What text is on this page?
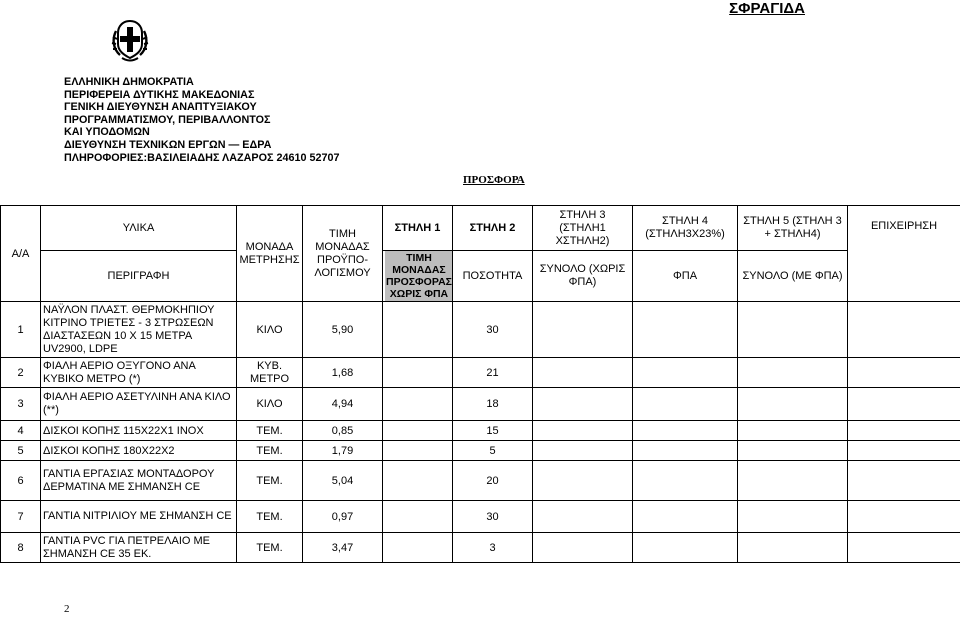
ΣΦΡΑΓΙΔΑ
ΕΛΛΗΝΙΚΗ ΔΗΜΟΚΡΑΤΙΑ
ΠΕΡΙΦΕΡΕΙΑ ΔΥΤΙΚΗΣ ΜΑΚΕΔΟΝΙΑΣ
ΓΕΝΙΚΗ ΔΙΕΥΘΥΝΣΗ ΑΝΑΠΤΥΞΙΑΚΟΥ
ΠΡΟΓΡΑΜΜΑΤΙΣΜΟΥ, ΠΕΡΙΒΑΛΛΟΝΤΟΣ
ΚΑΙ ΥΠΟΔΟΜΩΝ
ΔΙΕΥΘΥΝΣΗ ΤΕΧΝΙΚΩΝ ΕΡΓΩΝ — ΕΔΡΑ
ΠΛΗΡΟΦΟΡΙΕΣ:ΒΑΣΙΛΕΙΑΔΗΣ ΛΑΖΑΡΟΣ 24610 52707
ΠΡΟΣΦΟΡΑ
Α/Α	ΥΛΙΚΑ	ΜΟΝΑΔΑ ΜΕΤΡΗΣΗΣ	ΤΙΜΗ ΜΟΝΑΔΑΣ ΠΡΟΫΠΟ-ΛΟΓΙΣΜΟΥ	ΣΤΗΛΗ 1	ΣΤΗΛΗ 2	ΣΤΗΛΗ 3 (ΣΤΗΛΗ1 ΧΣΤΗΛΗ2)	ΣΤΗΛΗ 4 (ΣΤΗΛΗ3Χ23%)	ΣΤΗΛΗ 5 (ΣΤΗΛΗ 3 + ΣΤΗΛΗ4)	ΕΠΙΧΕΙΡΗΣΗ
	ΠΕΡΙΓΡΑΦΗ			ΤΙΜΗ ΜΟΝΑΔΑΣ ΠΡΟΣΦΟΡΑΣ ΧΩΡΙΣ ΦΠΑ	ΠΟΣΟΤΗΤΑ	ΣΥΝΟΛΟ (ΧΩΡΙΣ ΦΠΑ)	ΦΠΑ	ΣΥΝΟΛΟ (ΜΕ ΦΠΑ)	
1	ΝΑΫΛΟΝ ΠΛΑΣΤ. ΘΕΡΜΟΚΗΠΙΟΥ ΚΙΤΡΙΝΟ ΤΡΙΕΤΕΣ - 3 ΣΤΡΩΣΕΩΝ ΔΙΑΣΤΑΣΕΩΝ 10 Χ 15 ΜΕΤΡΑ UV2900, LDPE	ΚΙΛΟ	5,90		30				
2	ΦΙΑΛΗ ΑΕΡΙΟ ΟΞΥΓΟΝΟ ΑΝΑ ΚΥΒΙΚΟ ΜΕΤΡΟ (*)	ΚΥΒ. ΜΕΤΡΟ	1,68		21				
3	ΦΙΑΛΗ ΑΕΡΙΟ ΑΣΕΤΥΛΙΝΗ ΑΝΑ ΚΙΛΟ (**)	ΚΙΛΟ	4,94		18				
4	ΔΙΣΚΟΙ ΚΟΠΗΣ 115Χ22Χ1 INOX	ΤΕΜ.	0,85		15				
5	ΔΙΣΚΟΙ ΚΟΠΗΣ 180Χ22Χ2	ΤΕΜ.	1,79		5				
6	ΓΑΝΤΙΑ ΕΡΓΑΣΙΑΣ ΜΟΝΤΑΔΟΡΟΥ ΔΕΡΜΑΤΙΝΑ ΜΕ ΣΗΜΑΝΣΗ CE	ΤΕΜ.	5,04		20				
7	ΓΑΝΤΙΑ ΝΙΤΡΙΛΙΟΥ ΜΕ ΣΗΜΑΝΣΗ CE	ΤΕΜ.	0,97		30				
8	ΓΑΝΤΙΑ PVC ΓΙΑ ΠΕΤΡΕΛΑΙΟ ΜΕ ΣΗΜΑΝΣΗ CE 35 ΕΚ.	ΤΕΜ.	3,47		3				
2
